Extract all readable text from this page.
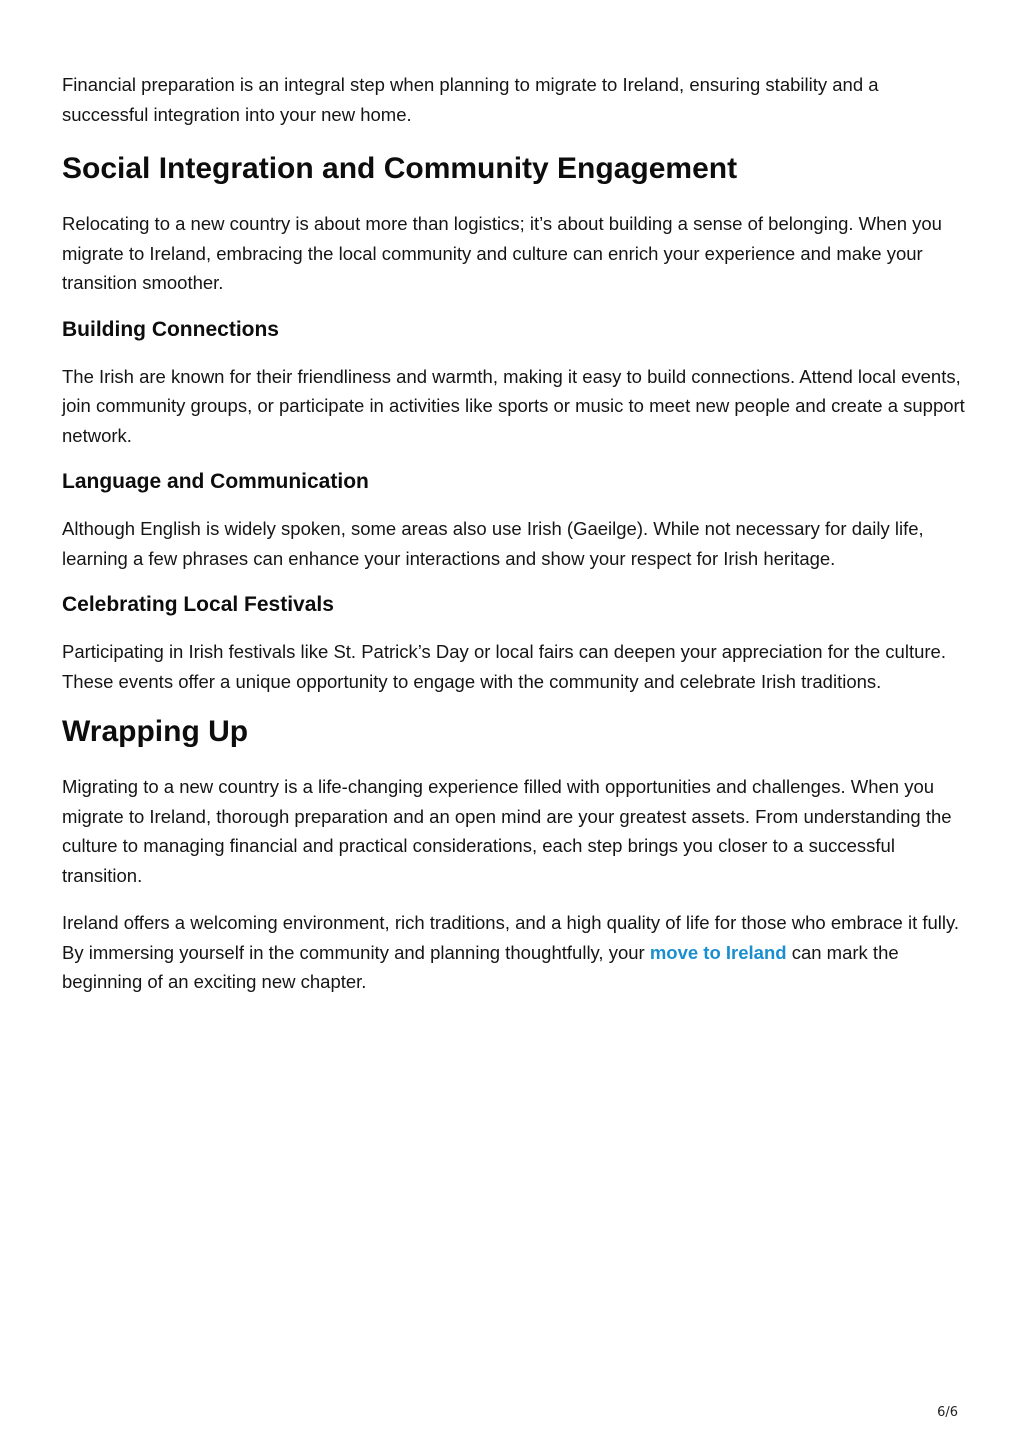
Financial preparation is an integral step when planning to migrate to Ireland, ensuring stability and a successful integration into your new home.

Social Integration and Community Engagement

Relocating to a new country is about more than logistics; it’s about building a sense of belonging. When you migrate to Ireland, embracing the local community and culture can enrich your experience and make your transition smoother.

Building Connections

The Irish are known for their friendliness and warmth, making it easy to build connections. Attend local events, join community groups, or participate in activities like sports or music to meet new people and create a support network.

Language and Communication

Although English is widely spoken, some areas also use Irish (Gaeilge). While not necessary for daily life, learning a few phrases can enhance your interactions and show your respect for Irish heritage.

Celebrating Local Festivals

Participating in Irish festivals like St. Patrick’s Day or local fairs can deepen your appreciation for the culture. These events offer a unique opportunity to engage with the community and celebrate Irish traditions.

Wrapping Up

Migrating to a new country is a life-changing experience filled with opportunities and challenges. When you migrate to Ireland, thorough preparation and an open mind are your greatest assets. From understanding the culture to managing financial and practical considerations, each step brings you closer to a successful transition.

Ireland offers a welcoming environment, rich traditions, and a high quality of life for those who embrace it fully. By immersing yourself in the community and planning thoughtfully, your move to Ireland can mark the beginning of an exciting new chapter.

6/6
